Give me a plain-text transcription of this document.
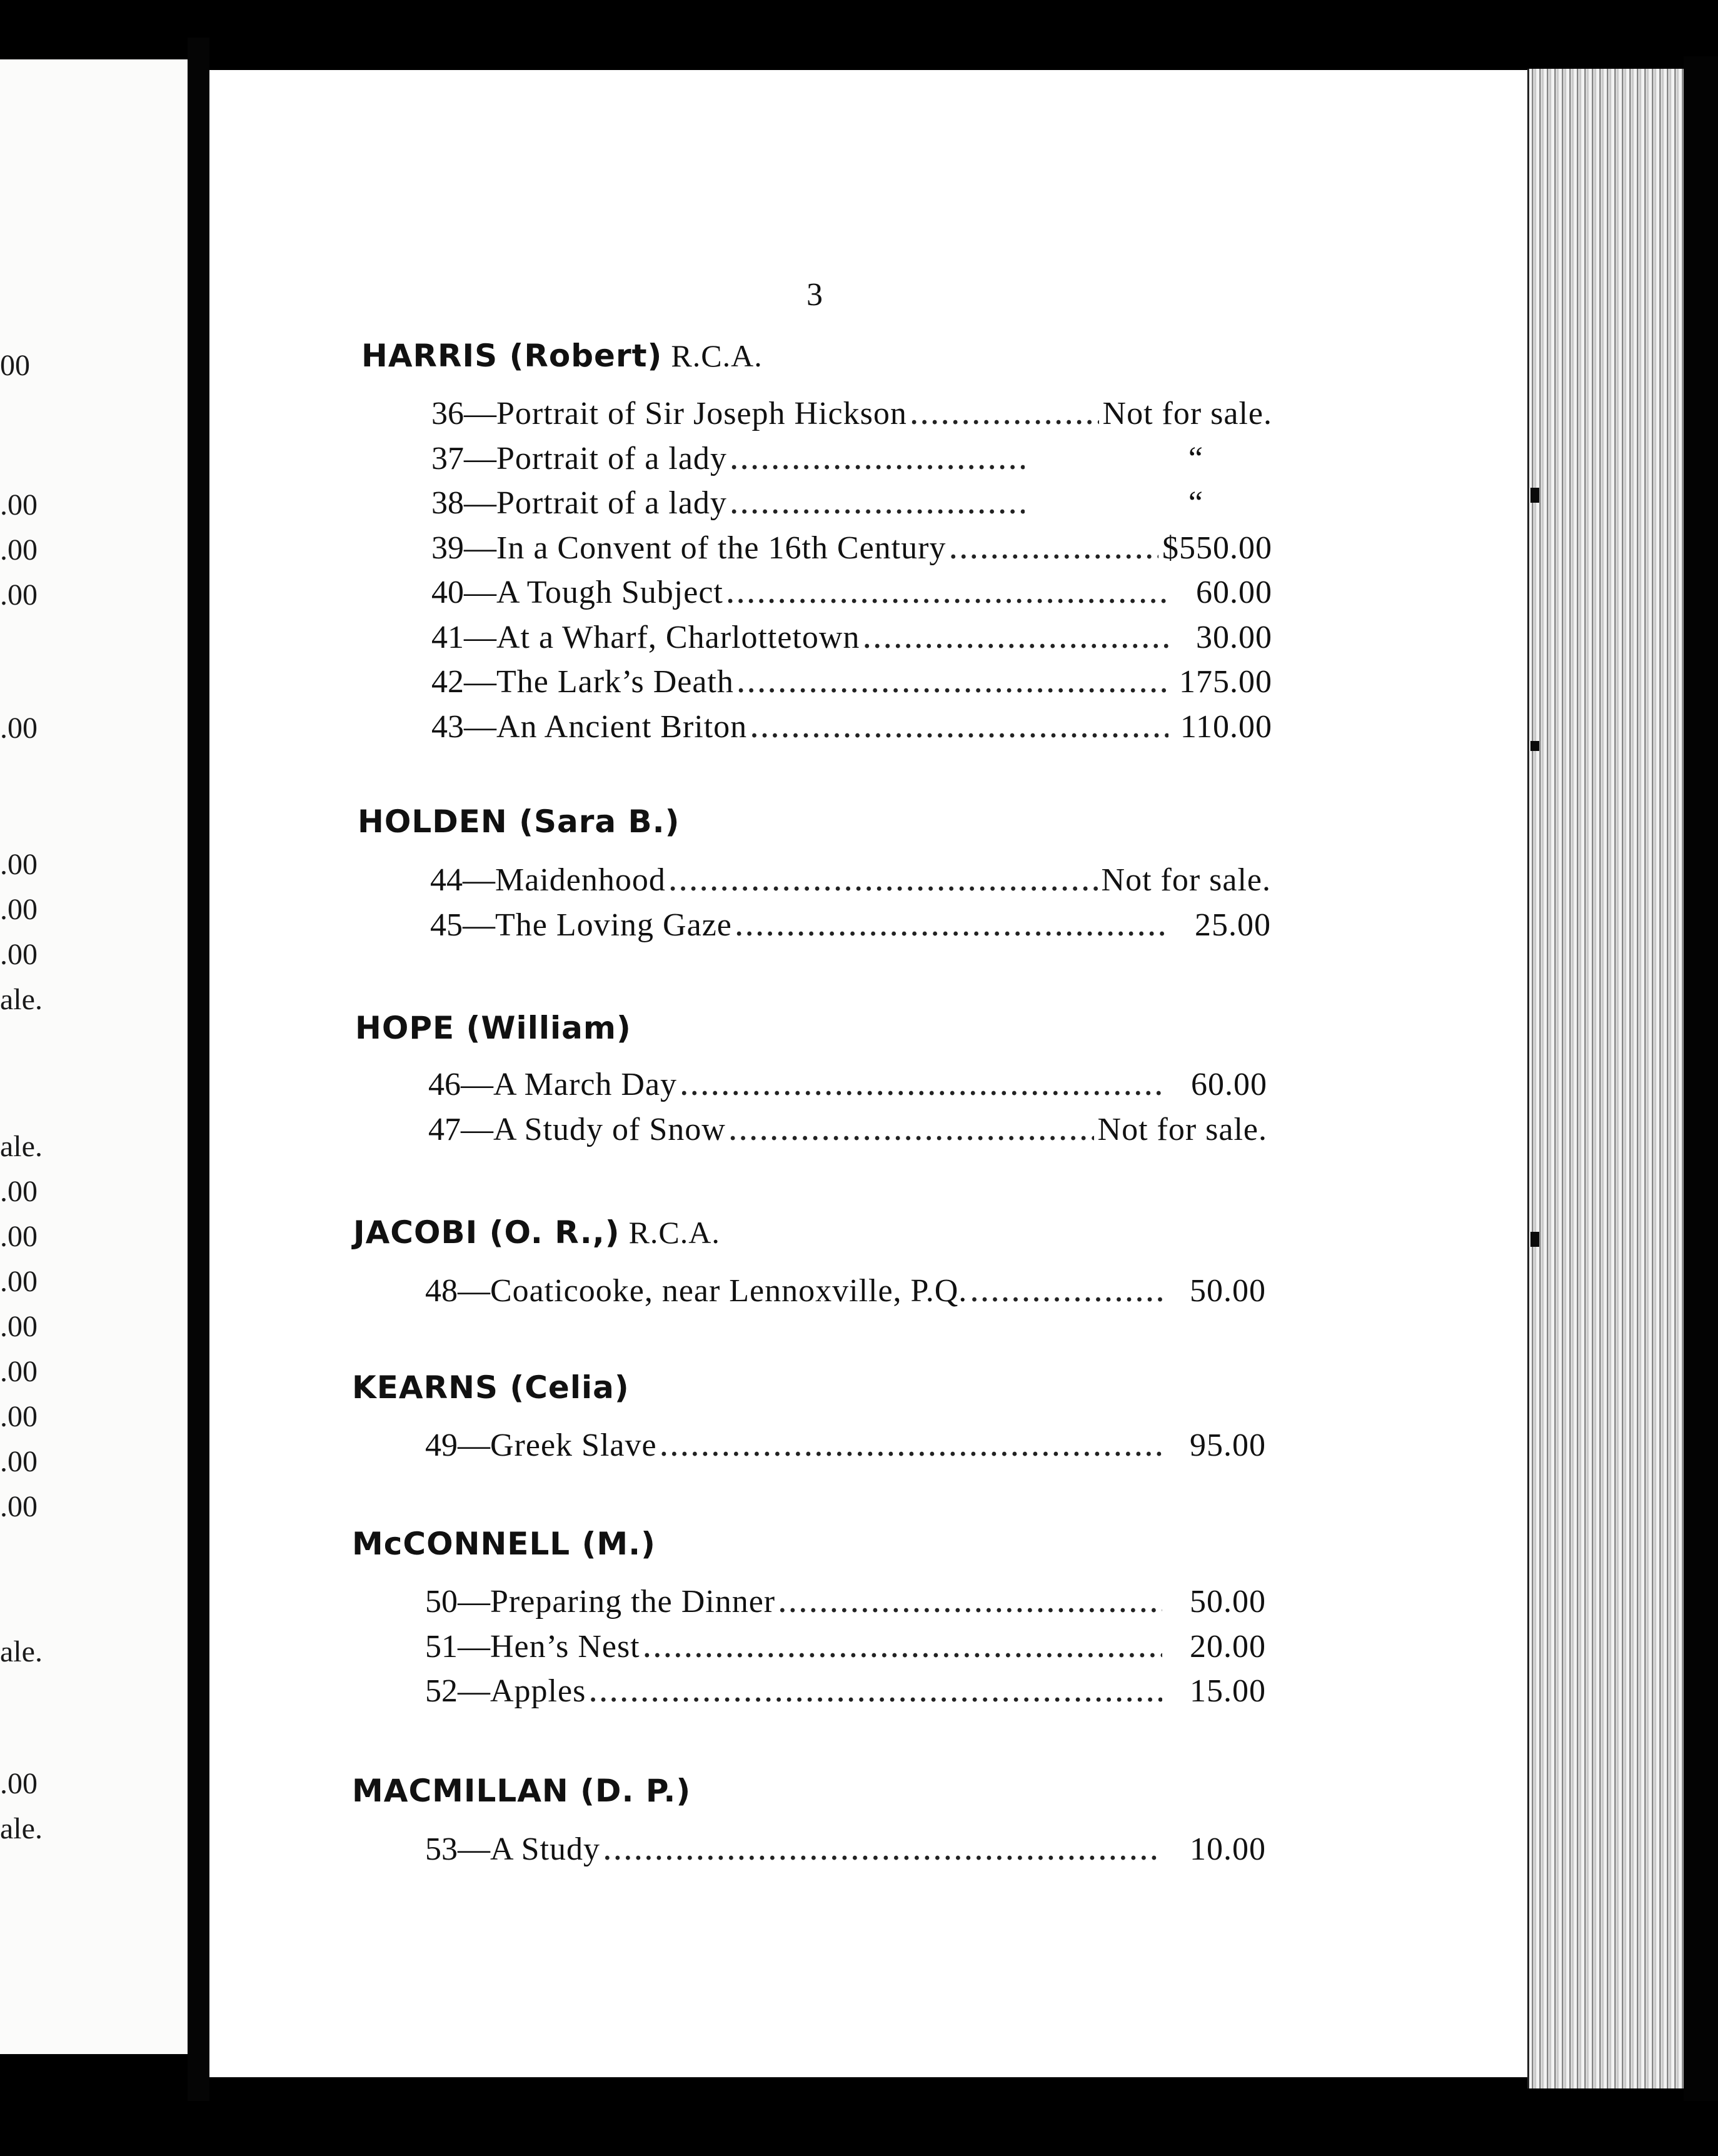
00
.00
.00
.00
.00
.00
.00
.00
ale.
ale.
.00
.00
.00
.00
.00
.00
.00
.00
ale.
.00
ale.
3
HARRIS (Robert) R.C.A.
36— Portrait of Sir Joseph Hickson .....	Not for sale.
37— Portrait of a lady .....	“
38— Portrait of a lady .....	“
39— In a Convent of the 16th Century .....	$550.00
40— A Tough Subject .....	60.00
41— At a Wharf, Charlottetown .....	30.00
42— The Lark’s Death .....	175.00
43— An Ancient Briton .....	110.00
HOLDEN (Sara B.)
44— Maidenhood .....	Not for sale.
45— The Loving Gaze .....	25.00
HOPE (William)
46— A March Day .....	60.00
47— A Study of Snow .....	Not for sale.
JACOBI (O. R.,) R.C.A.
48— Coaticooke, near Lennoxville, P.Q. .....	50.00
KEARNS (Celia)
49— Greek Slave .....	95.00
McCONNELL (M.)
50— Preparing the Dinner .....	50.00
51— Hen’s Nest .....	20.00
52— Apples .....	15.00
MACMILLAN (D. P.)
53— A Study .....	10.00
